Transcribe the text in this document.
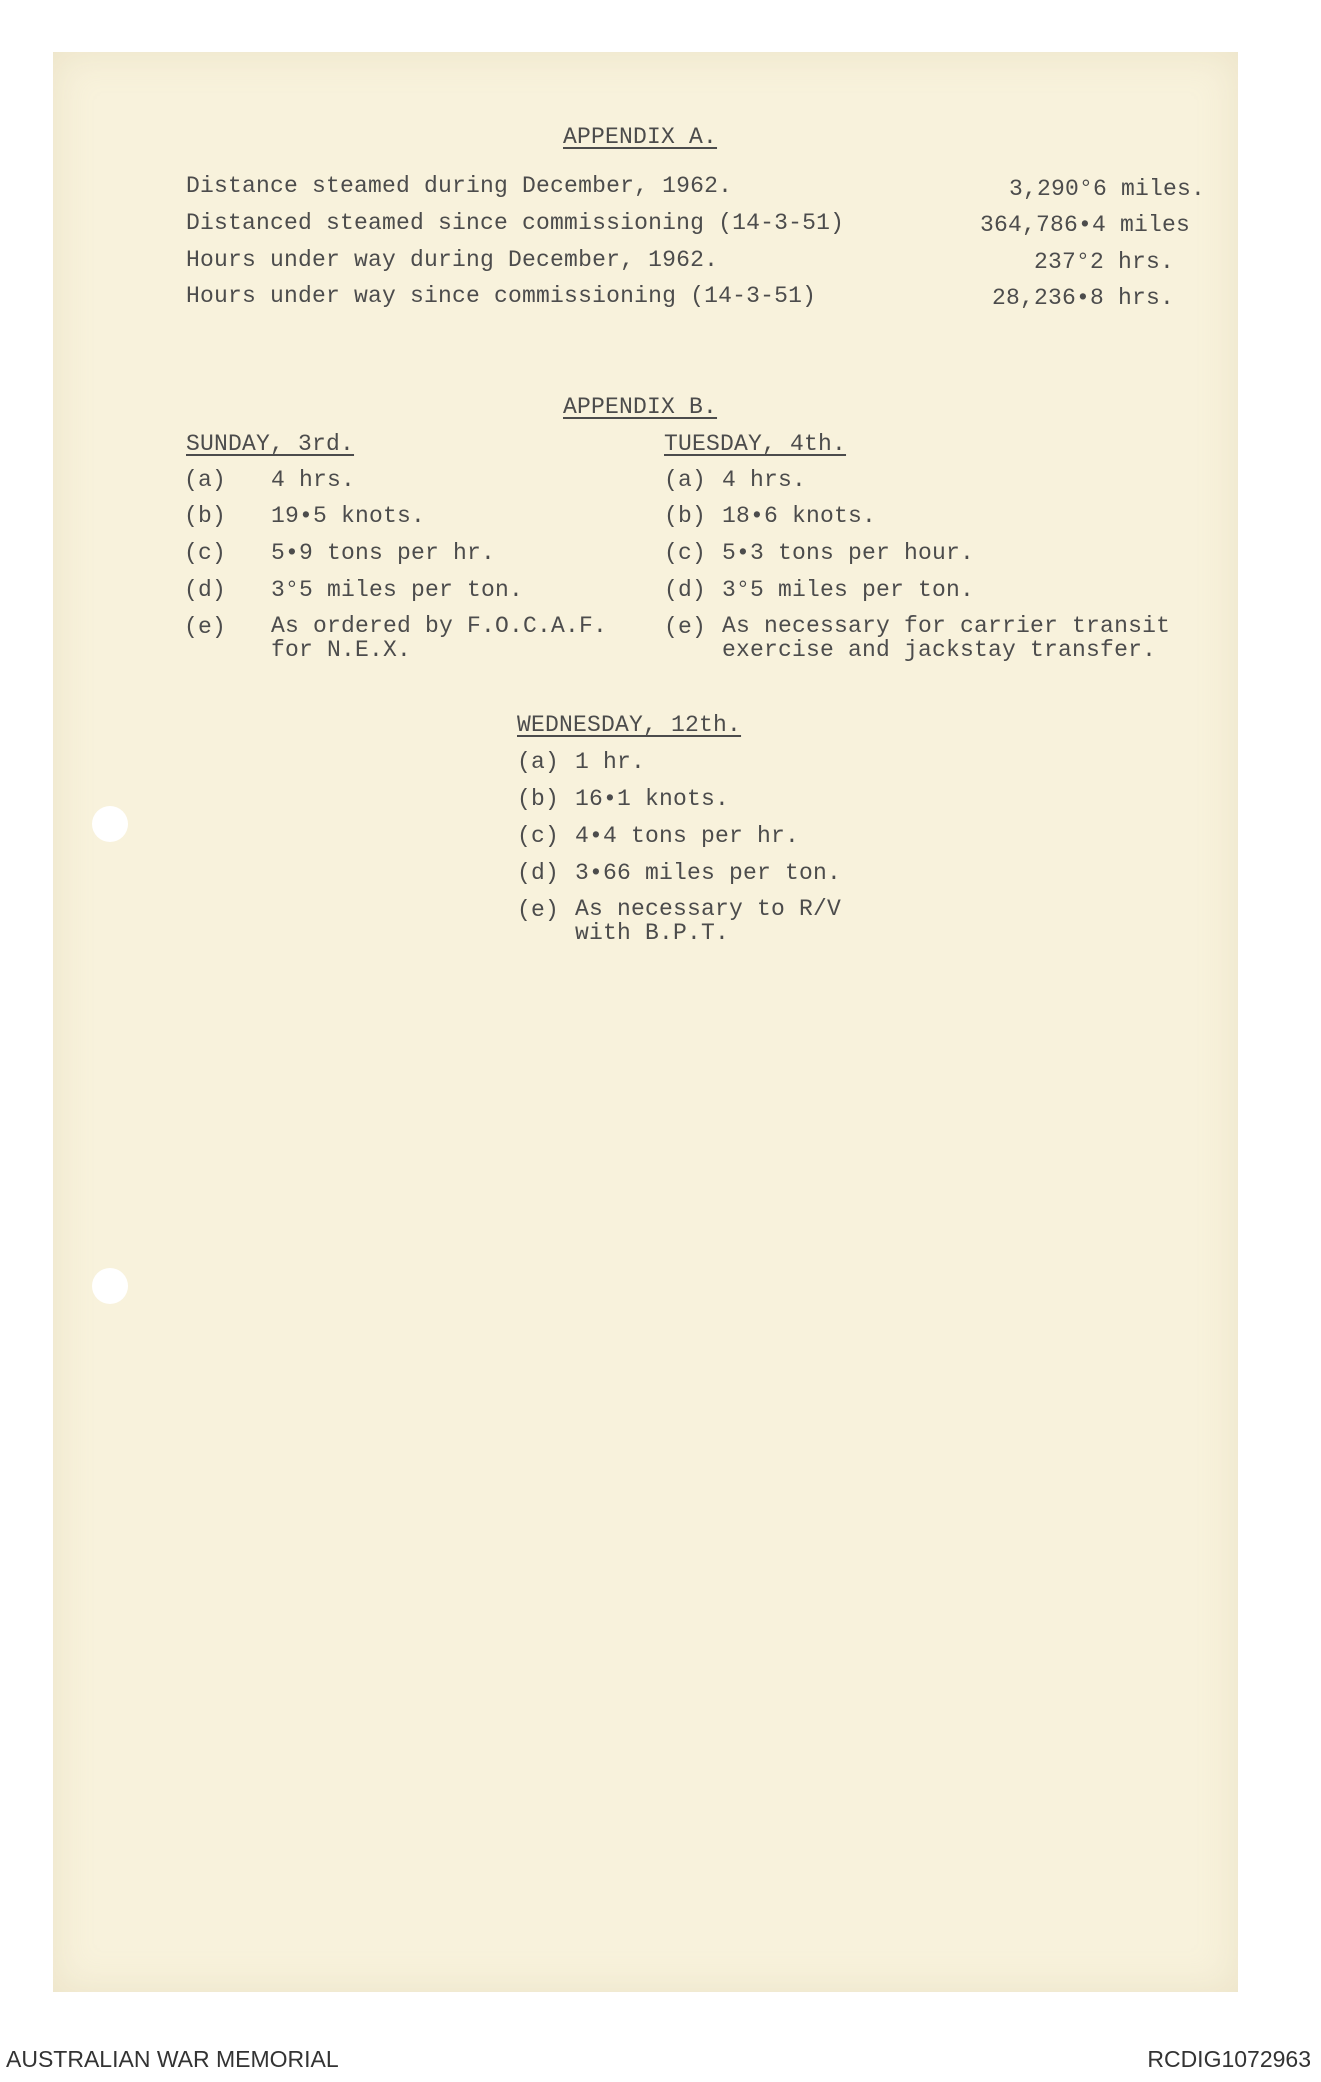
APPENDIX A.
Distance steamed during December, 1962.	3,290°6 miles.
Distanced steamed since commissioning (14-3-51)	364,786•4 miles
Hours under way during December, 1962.	237°2 hrs.
Hours under way since commissioning (14-3-51)	28,236•8 hrs.
APPENDIX B.
SUNDAY, 3rd.
(a) 4 hrs.
(b) 19•5 knots.
(c) 5•9 tons per hr.
(d) 3°5 miles per ton.
(e) As ordered by F.O.C.A.F.
for N.E.X.
TUESDAY, 4th.
(a) 4 hrs.
(b) 18•6 knots.
(c) 5•3 tons per hour.
(d) 3°5 miles per ton.
(e) As necessary for carrier transit
exercise and jackstay transfer.
WEDNESDAY, 12th.
(a) 1 hr.
(b) 16•1 knots.
(c) 4•4 tons per hr.
(d) 3•66 miles per ton.
(e) As necessary to R/V
with B.P.T.
AUSTRALIAN WAR MEMORIAL	RCDIG1072963
